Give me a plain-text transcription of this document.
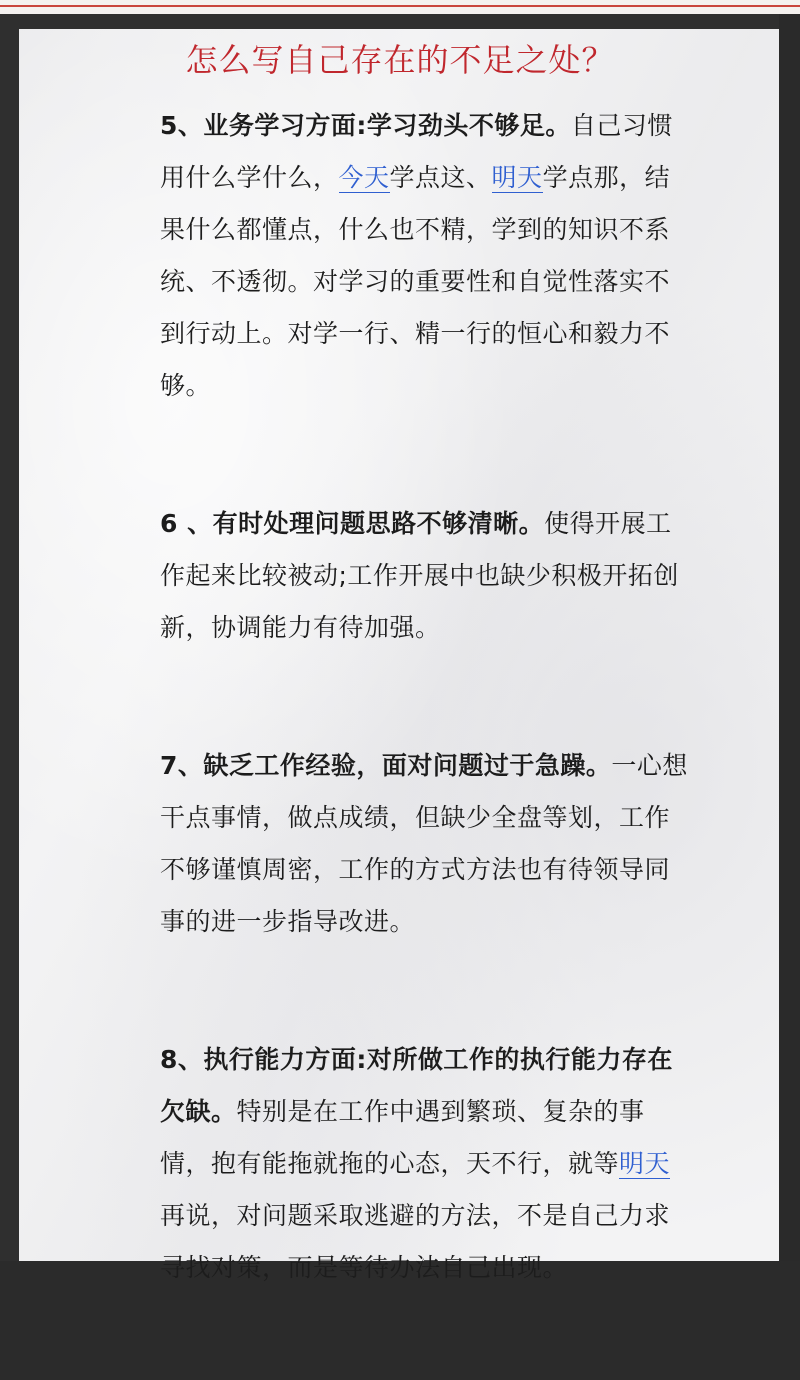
怎么写自己存在的不足之处？

5、业务学习方面:学习劲头不够足。自己习惯用什么学什么，今天学点这、明天学点那，结果什么都懂点，什么也不精，学到的知识不系统、不透彻。对学习的重要性和自觉性落实不到行动上。对学一行、精一行的恒心和毅力不够。

6 、有时处理问题思路不够清晰。使得开展工作起来比较被动;工作开展中也缺少积极开拓创新，协调能力有待加强。

7、缺乏工作经验，面对问题过于急躁。一心想干点事情，做点成绩，但缺少全盘等划，工作不够谨慎周密，工作的方式方法也有待领导同事的进一步指导改进。

8、执行能力方面:对所做工作的执行能力存在欠缺。特别是在工作中遇到繁琐、复杂的事情，抱有能拖就拖的心态，天不行，就等明天再说，对问题采取逃避的方法，不是自己力求寻找对策，而是等待办法自己出现。
